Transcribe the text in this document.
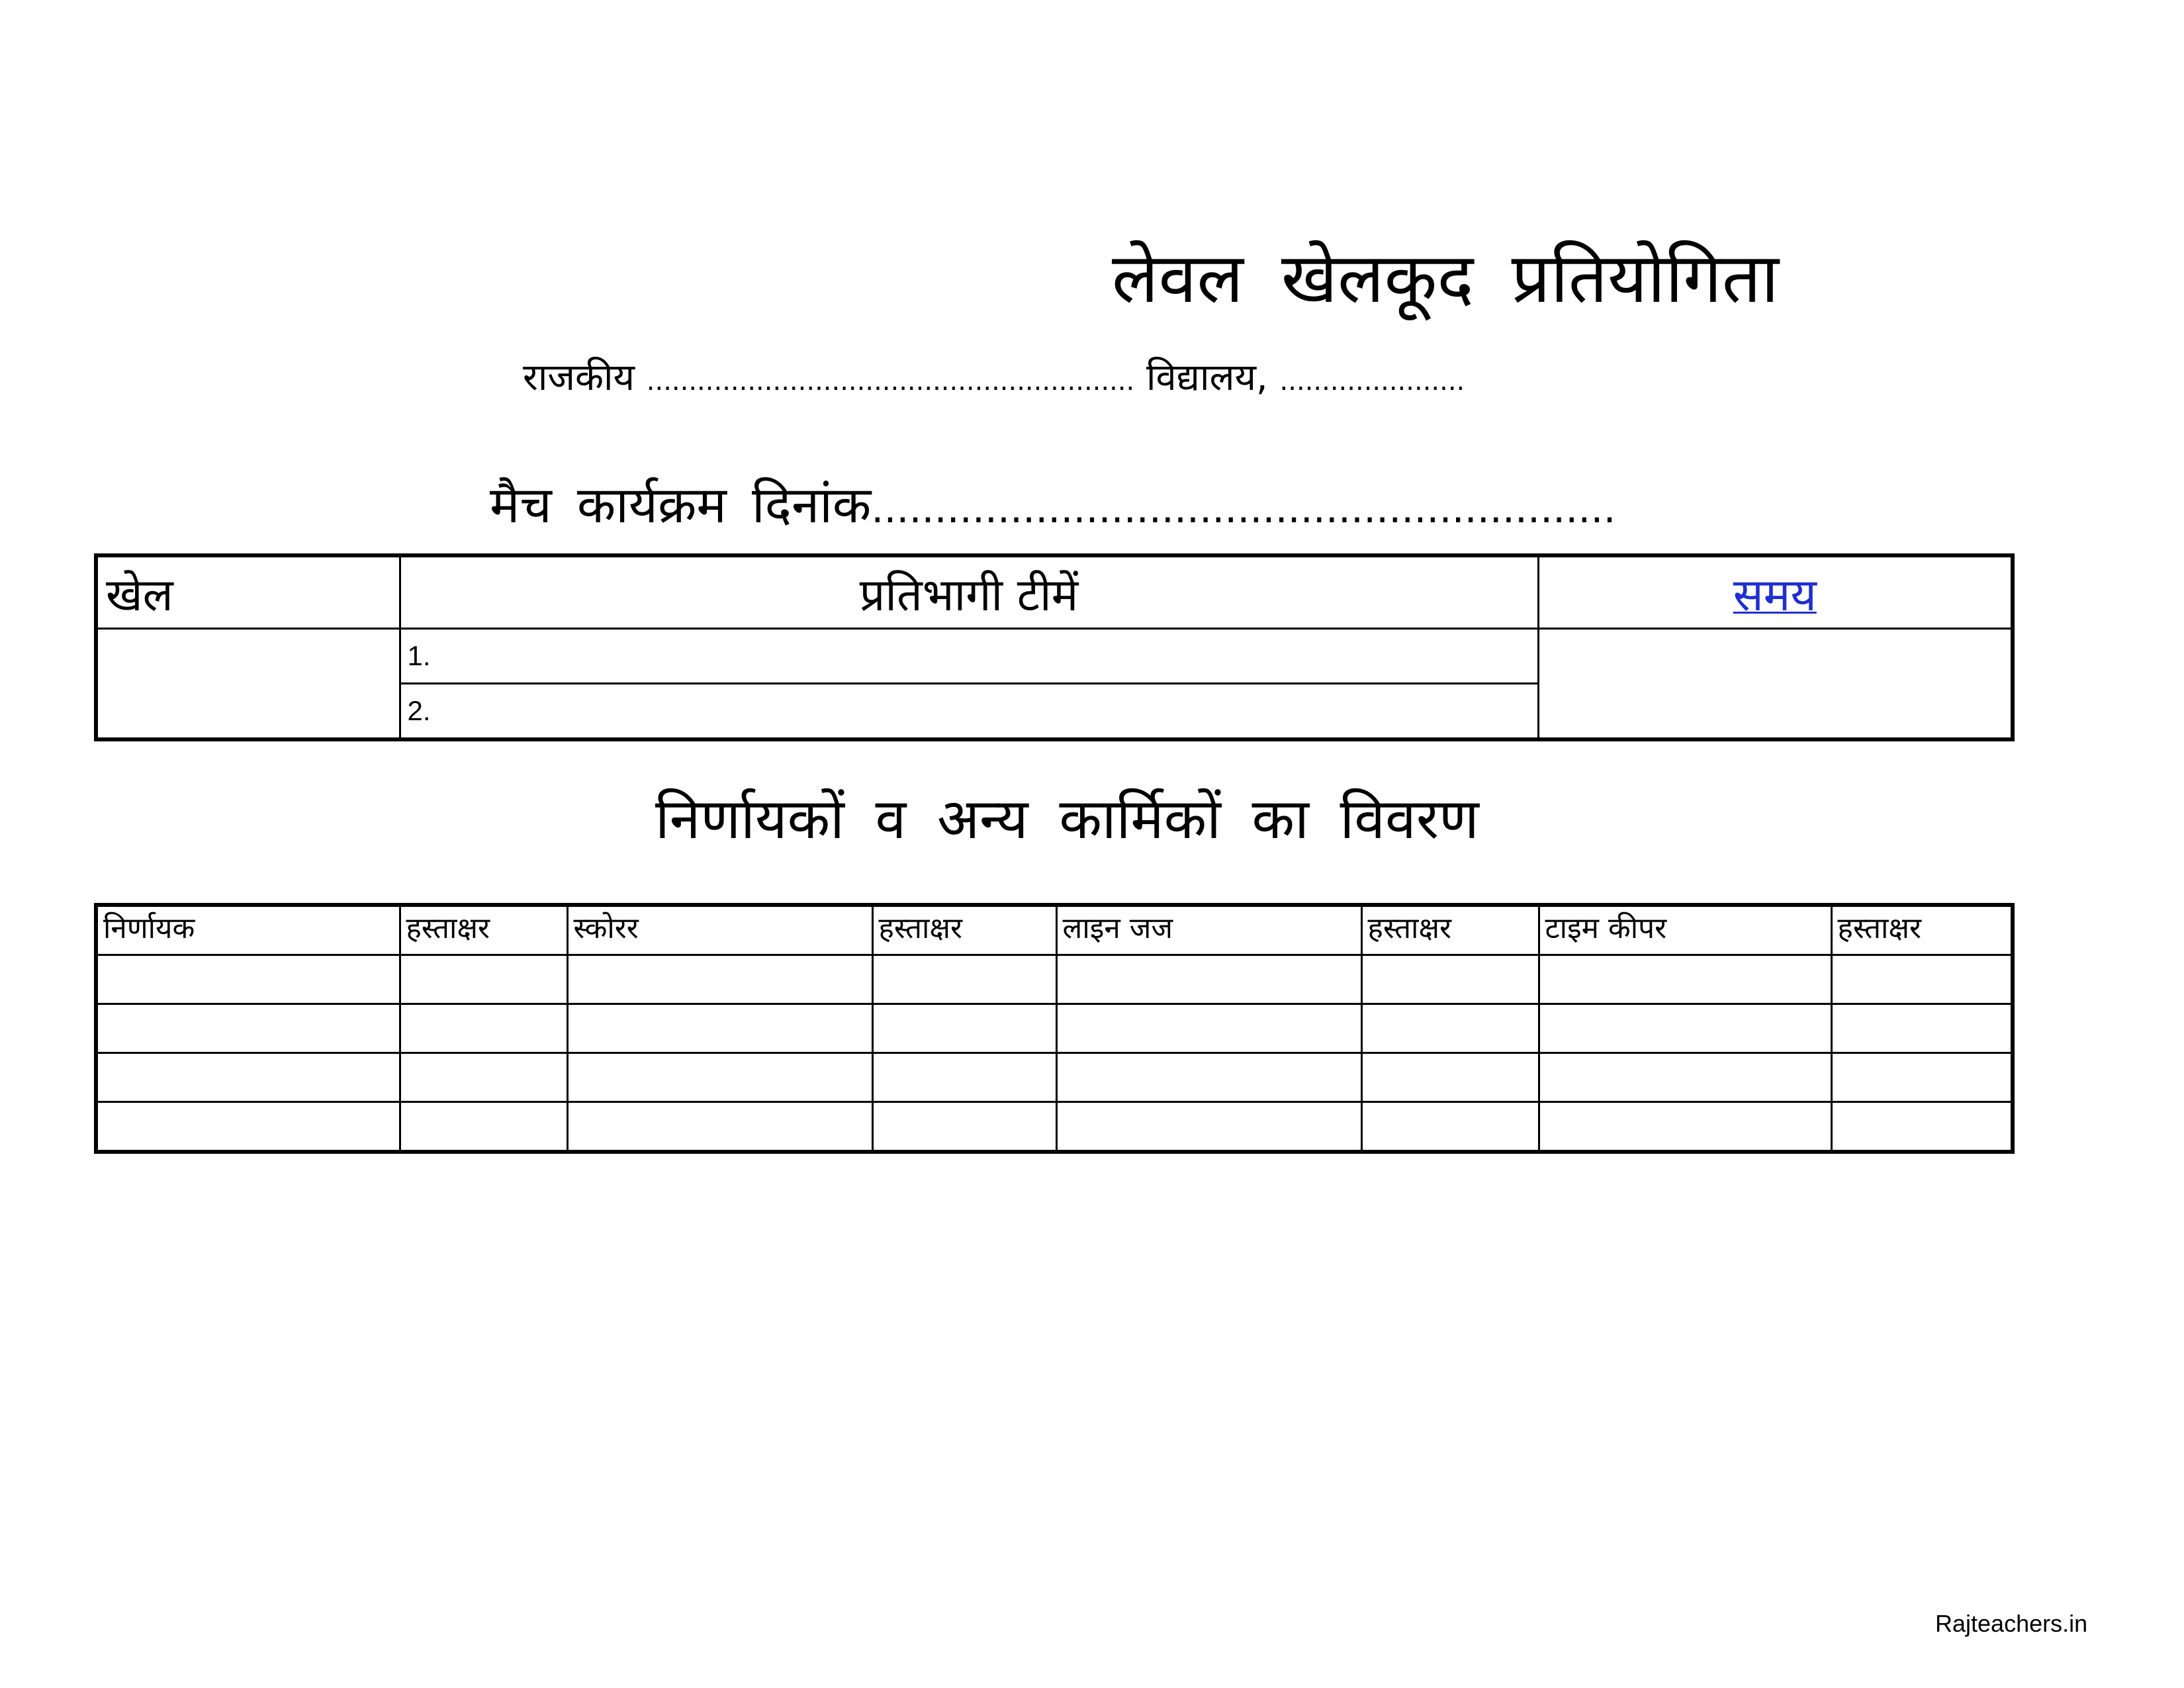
लेवल खेलकूद प्रतियोगिता
राजकीय .......................................................... विद्यालय, ......................
मैच कार्यक्रम दिनांक...........................................................
खेल	प्रतिभागी टीमें	समय
	1.	
	2.	
निर्णायकों व अन्य कार्मिकों का विवरण
निर्णायक	हस्ताक्षर	स्कोरर	हस्ताक्षर	लाइन जज	हस्ताक्षर	टाइम कीपर	हस्ताक्षर

Rajteachers.in
